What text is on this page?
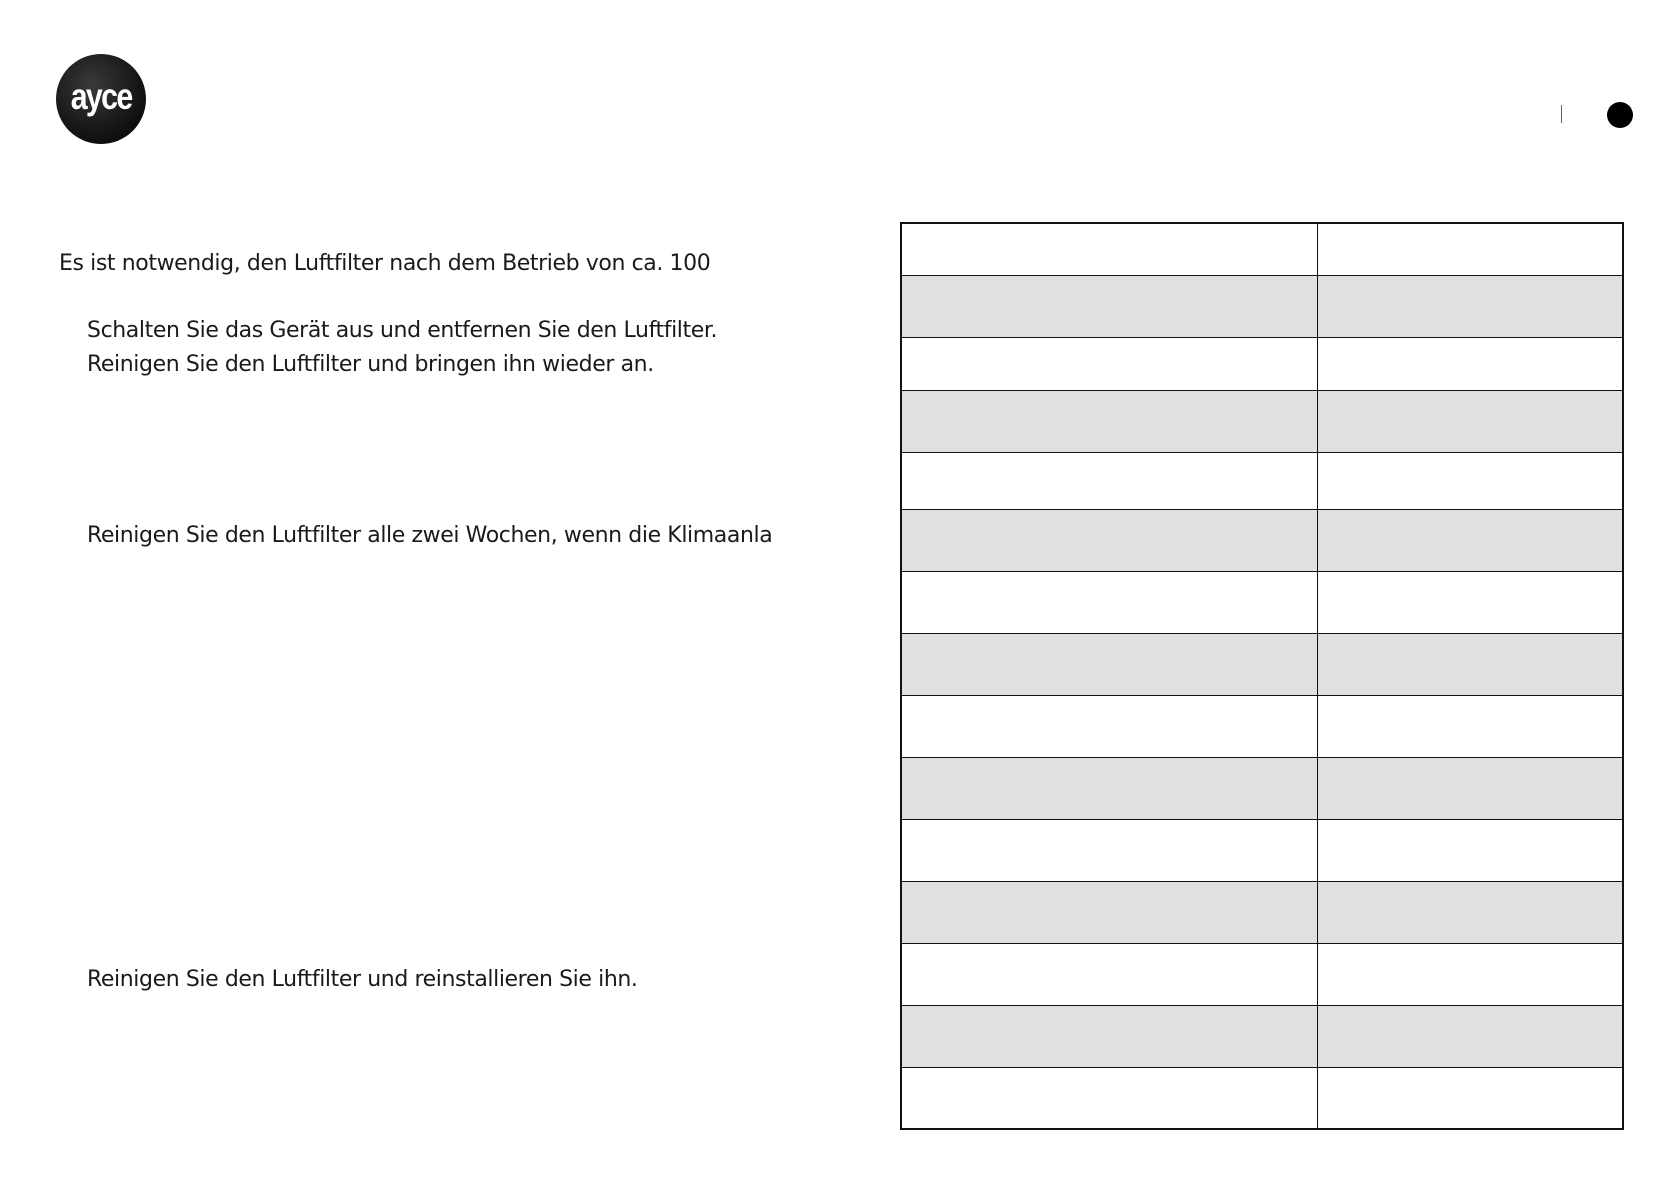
ayce
Es ist notwendig, den Luftfilter nach dem Betrieb von ca. 100
Schalten Sie das Gerät aus und entfernen Sie den Luftfilter.
Reinigen Sie den Luftfilter und bringen ihn wieder an.
Reinigen Sie den Luftfilter alle zwei Wochen, wenn die Klimaanla
Reinigen Sie den Luftfilter und reinstallieren Sie ihn.
